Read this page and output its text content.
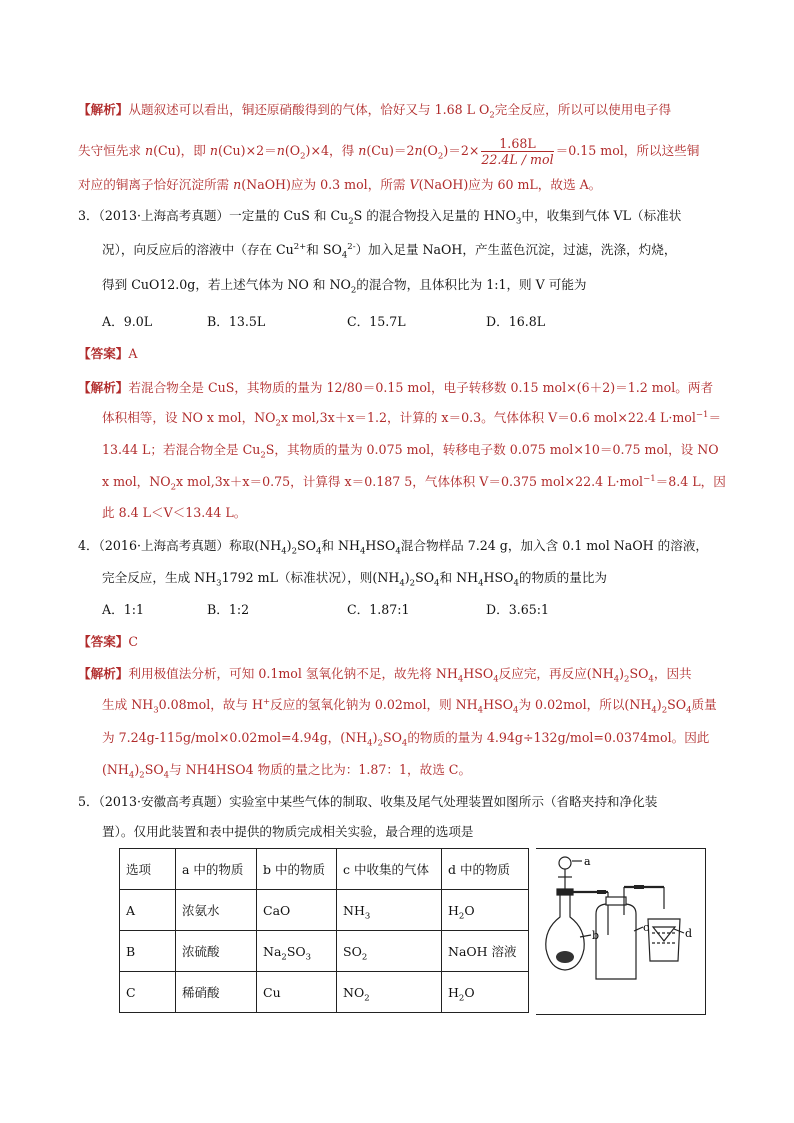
【解析】从题叙述可以看出，铜还原硝酸得到的气体，恰好又与 1.68 L $O_2$完全反应，所以可以使用电子得
失守恒先求 n(Cu)，即 $n(Cu)\times 2=n(O_2)\times 4$，得 $n(Cu)=2n(O_2)=2\times \frac{1.68L}{\text{22.4L / mol}} =0.15$ mol，所以这些铜
对应的铜离子恰好沉淀所需 n(NaOH)应为 0.3 mol，所需 V(NaOH)应为 60 mL，故选 A。
3．（2013·上海高考真题）一定量的 CuS 和 $Cu_2S$ 的混合物投入足量的 $HNO_3$中，收集到气体 VL（标准状
况），向反应后的溶液中（存在 $Cu^{2+}$和 $SO_4^{2-}$）加入足量 NaOH，产生蓝色沉淀，过滤，洗涤，灼烧，
得到 CuO12.0g，若上述气体为 NO 和 $NO_2$的混合物，且体积比为 1:1，则 V 可能为
A．9.0L	B．13.5L	C．15.7L	D．16.8L
【答案】A
【解析】若混合物全是 CuS，其物质的量为 12/80＝0.15 mol，电子转移数 0.15 mol×(6＋2)＝1.2 mol。两者
体积相等，设 NO x mol，$NO_2x$ mol,3x＋x＝1.2，计算的 x＝0.3。气体体积 V＝0.6 mol×22.4 L·mol$^{-1}$＝
13.44 L；若混合物全是 $Cu_2S$，其物质的量为 0.075 mol，转移电子数 0.075 mol×10＝0.75 mol，设 NO
x mol，$NO_2x$ mol,3x＋x＝0.75，计算得 x＝0.187 5，气体体积 V＝0.375 mol×22.4 L·mol$^{-1}$＝8.4 L，因
此 8.4 L＜V＜13.44 L。
4．（2016·上海高考真题）称取$(NH_4)_2SO_4$和 $NH_4HSO_4$混合物样品 7.24 g，加入含 0.1 mol NaOH 的溶液，
完全反应，生成 $NH_31792$ mL（标准状况），则$(NH_4)_2SO_4$和 $NH_4HSO_4$的物质的量比为
A．1:1	B．1:2	C．1.87:1	D．3.65:1
【答案】C
【解析】利用极值法分析，可知 0.1mol 氢氧化钠不足，故先将 $NH_4HSO_4$反应完，再反应$(NH_4)_2SO_4$，因共
生成 $NH_30.08mol$，故与 H+反应的氢氧化钠为 0.02mol，则 $NH_4HSO_4$为 0.02mol，所以$(NH_4)_2SO_4$质量
为 7.24g-115g/mol×0.02mol=4.94g，$(NH_4)_2SO_4$的物质的量为 4.94g÷132g/mol=0.0374mol。因此
$(NH_4)_2SO_4$与 NH4HSO4 物质的量之比为：1.87：1，故选 C。
5．（2013·安徽高考真题）实验室中某些气体的制取、收集及尾气处理装置如图所示（省略夹持和净化装
置）。仅用此装置和表中提供的物质完成相关实验，最合理的选项是
选项	a 中的物质	b 中的物质	c 中收集的气体	d 中的物质
A	浓氨水	CaO	$NH_3$	$H_2O$
B	浓硫酸	$Na_2SO_3$	$SO_2$	NaOH 溶液
C	稀硝酸	Cu	$NO_2$	$H_2O$
a
b
c	d
